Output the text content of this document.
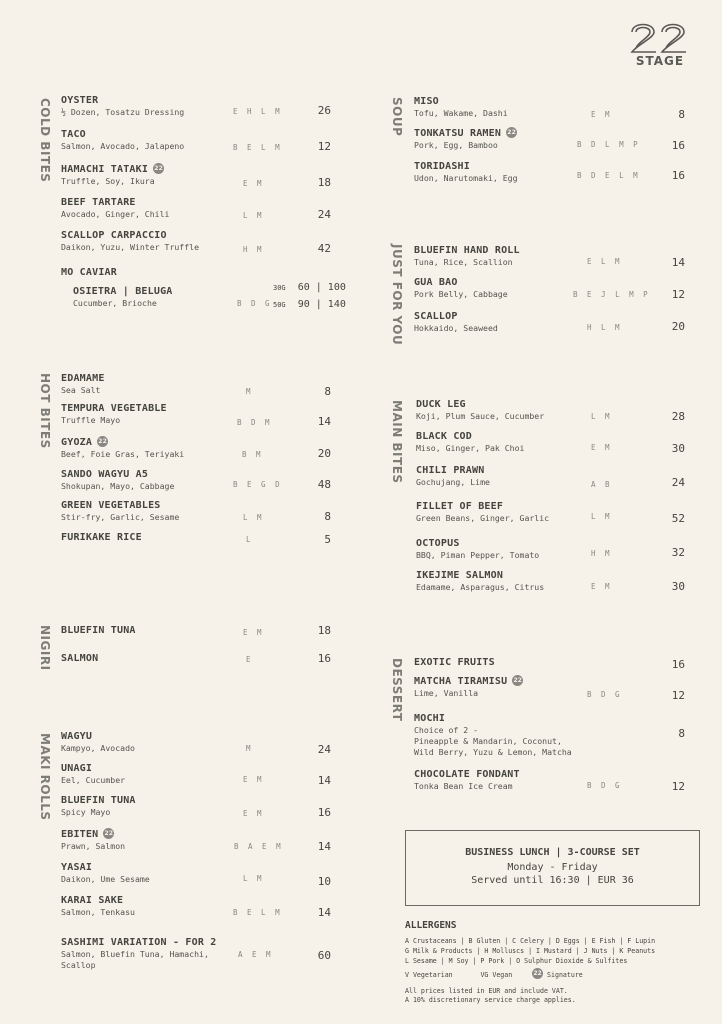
STAGE
COLD BITES
HOT BITES
NIGIRI
MAKI ROLLS
SOUP
JUST FOR YOU
MAIN BITES
DESSERT
OYSTER
½ Dozen, Tosatzu Dressing	E H L M	26
TACO
Salmon, Avocado, Jalapeno	B E L M	12
HAMACHI TATAKI22
Truffle, Soy, Ikura	E M	18
BEEF TARTARE
Avocado, Ginger, Chili	L M	24
SCALLOP CARPACCIO
Daikon, Yuzu, Winter Truffle	H M	42
MO CAVIAR
OSIETRA | BELUGA
Cucumber, Brioche	B D G
30G 60 | 100
50G 90 | 140
EDAMAME
Sea Salt	M	8
TEMPURA VEGETABLE
Truffle Mayo	B D M	14
GYOZA22
Beef, Foie Gras, Teriyaki	B M	20
SANDO WAGYU A5
Shokupan, Mayo, Cabbage	B E G D	48
GREEN VEGETABLES
Stir-fry, Garlic, Sesame	L M	8
FURIKAKE RICE	L	5
BLUEFIN TUNA	E M	18
SALMON	E	16
WAGYU
Kampyo, Avocado	M	24
UNAGI
Eel, Cucumber	E M	14
BLUEFIN TUNA
Spicy Mayo	E M	16
EBITEN22
Prawn, Salmon	B A E M	14
YASAI
Daikon, Ume Sesame	L M	10
KARAI SAKE
Salmon, Tenkasu	B E L M	14
SASHIMI VARIATION - FOR 2
Salmon, Bluefin Tuna, Hamachi,
Scallop
A E M	60
MISO
Tofu, Wakame, Dashi	E M	8
TONKATSU RAMEN22
Pork, Egg, Bamboo	B D L M P	16
TORIDASHI
Udon, Narutomaki, Egg	B D E L M	16
BLUEFIN HAND ROLL
Tuna, Rice, Scallion	E L M	14
GUA BAO
Pork Belly, Cabbage	B E J L M P	12
SCALLOP
Hokkaido, Seaweed	H L M	20
DUCK LEG
Koji, Plum Sauce, Cucumber	L M	28
BLACK COD
Miso, Ginger, Pak Choi	E M	30
CHILI PRAWN
Gochujang, Lime	A B	24
FILLET OF BEEF
Green Beans, Ginger, Garlic	L M	52
OCTOPUS
BBQ, Piman Pepper, Tomato	H M	32
IKEJIME SALMON
Edamame, Asparagus, Citrus	E M	30
EXOTIC FRUITS	16
MATCHA TIRAMISU22
Lime, Vanilla	B D G	12
MOCHI
Choice of 2 -
Pineapple & Mandarin, Coconut,
Wild Berry, Yuzu & Lemon, Matcha
8
CHOCOLATE FONDANT
Tonka Bean Ice Cream	B D G	12
BUSINESS LUNCH | 3-COURSE SET
Monday - Friday
Served until 16:30 | EUR 36
ALLERGENS
A Crustaceans | B Gluten | C Celery | D Eggs | E Fish | F Lupin
G Milk & Products | H Molluscs | I Mustard | J Nuts | K Peanuts
L Sesame | M Soy | P Pork | O Sulphur Dioxide & Sulfites
V Vegetarian	VG Vegan     22	Signature
All prices listed in EUR and include VAT.
A 10% discretionary service charge applies.
